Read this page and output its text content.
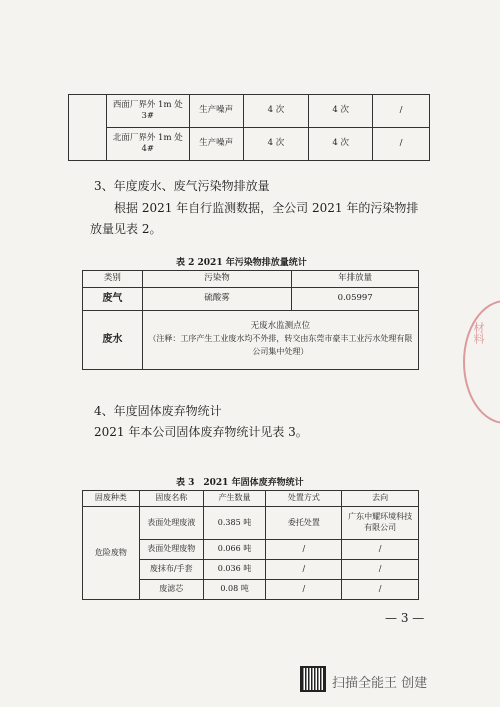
	西面厂界外 1m 处 3#	生产噪声	4 次	4 次	/
	北面厂界外 1m 处 4#	生产噪声	4 次	4 次	/
3、年度废水、废气污染物排放量
根据 2021 年自行监测数据，全公司 2021 年的污染物排放量见表 2。
表 2 2021 年污染物排放量统计
类别	污染物	年排放量
废气	硫酸雾	0.05997
废水	无废水监测点位
（注释：工序产生工业废水均不外排，转交由东莞市豪丰工业污水处理有限公司集中处理）	
4、年度固体废弃物统计
2021 年本公司固体废弃物统计见表 3。
表 3　2021 年固体废弃物统计
固废种类	固废名称	产生数量	处置方式	去向
危险废物	表面处理废液	0.385 吨	委托处置	广东中耀环境科技有限公司
	表面处理废物	0.066 吨	/	/
	废抹布/手套	0.036 吨	/	/
	废滤芯	0.08 吨	/	/
— 3 —
材料
扫描全能王 创建
